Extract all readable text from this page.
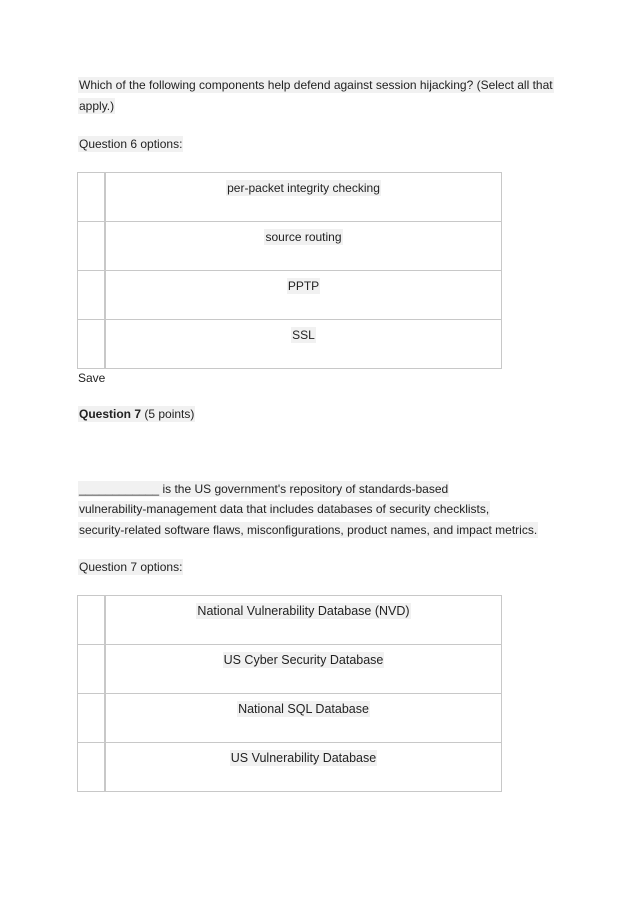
Which of the following components help defend against session hijacking? (Select all that
apply.)
Question 6 options:
	per-packet integrity checking
	source routing
	PPTP
	SSL
Save
Question 7 (5 points)
____________ is the US government's repository of standards-based
vulnerability-management data that includes databases of security checklists,
security-related software flaws, misconfigurations, product names, and impact metrics.
Question 7 options:
	National Vulnerability Database (NVD)
	US Cyber Security Database
	National SQL Database
	US Vulnerability Database
